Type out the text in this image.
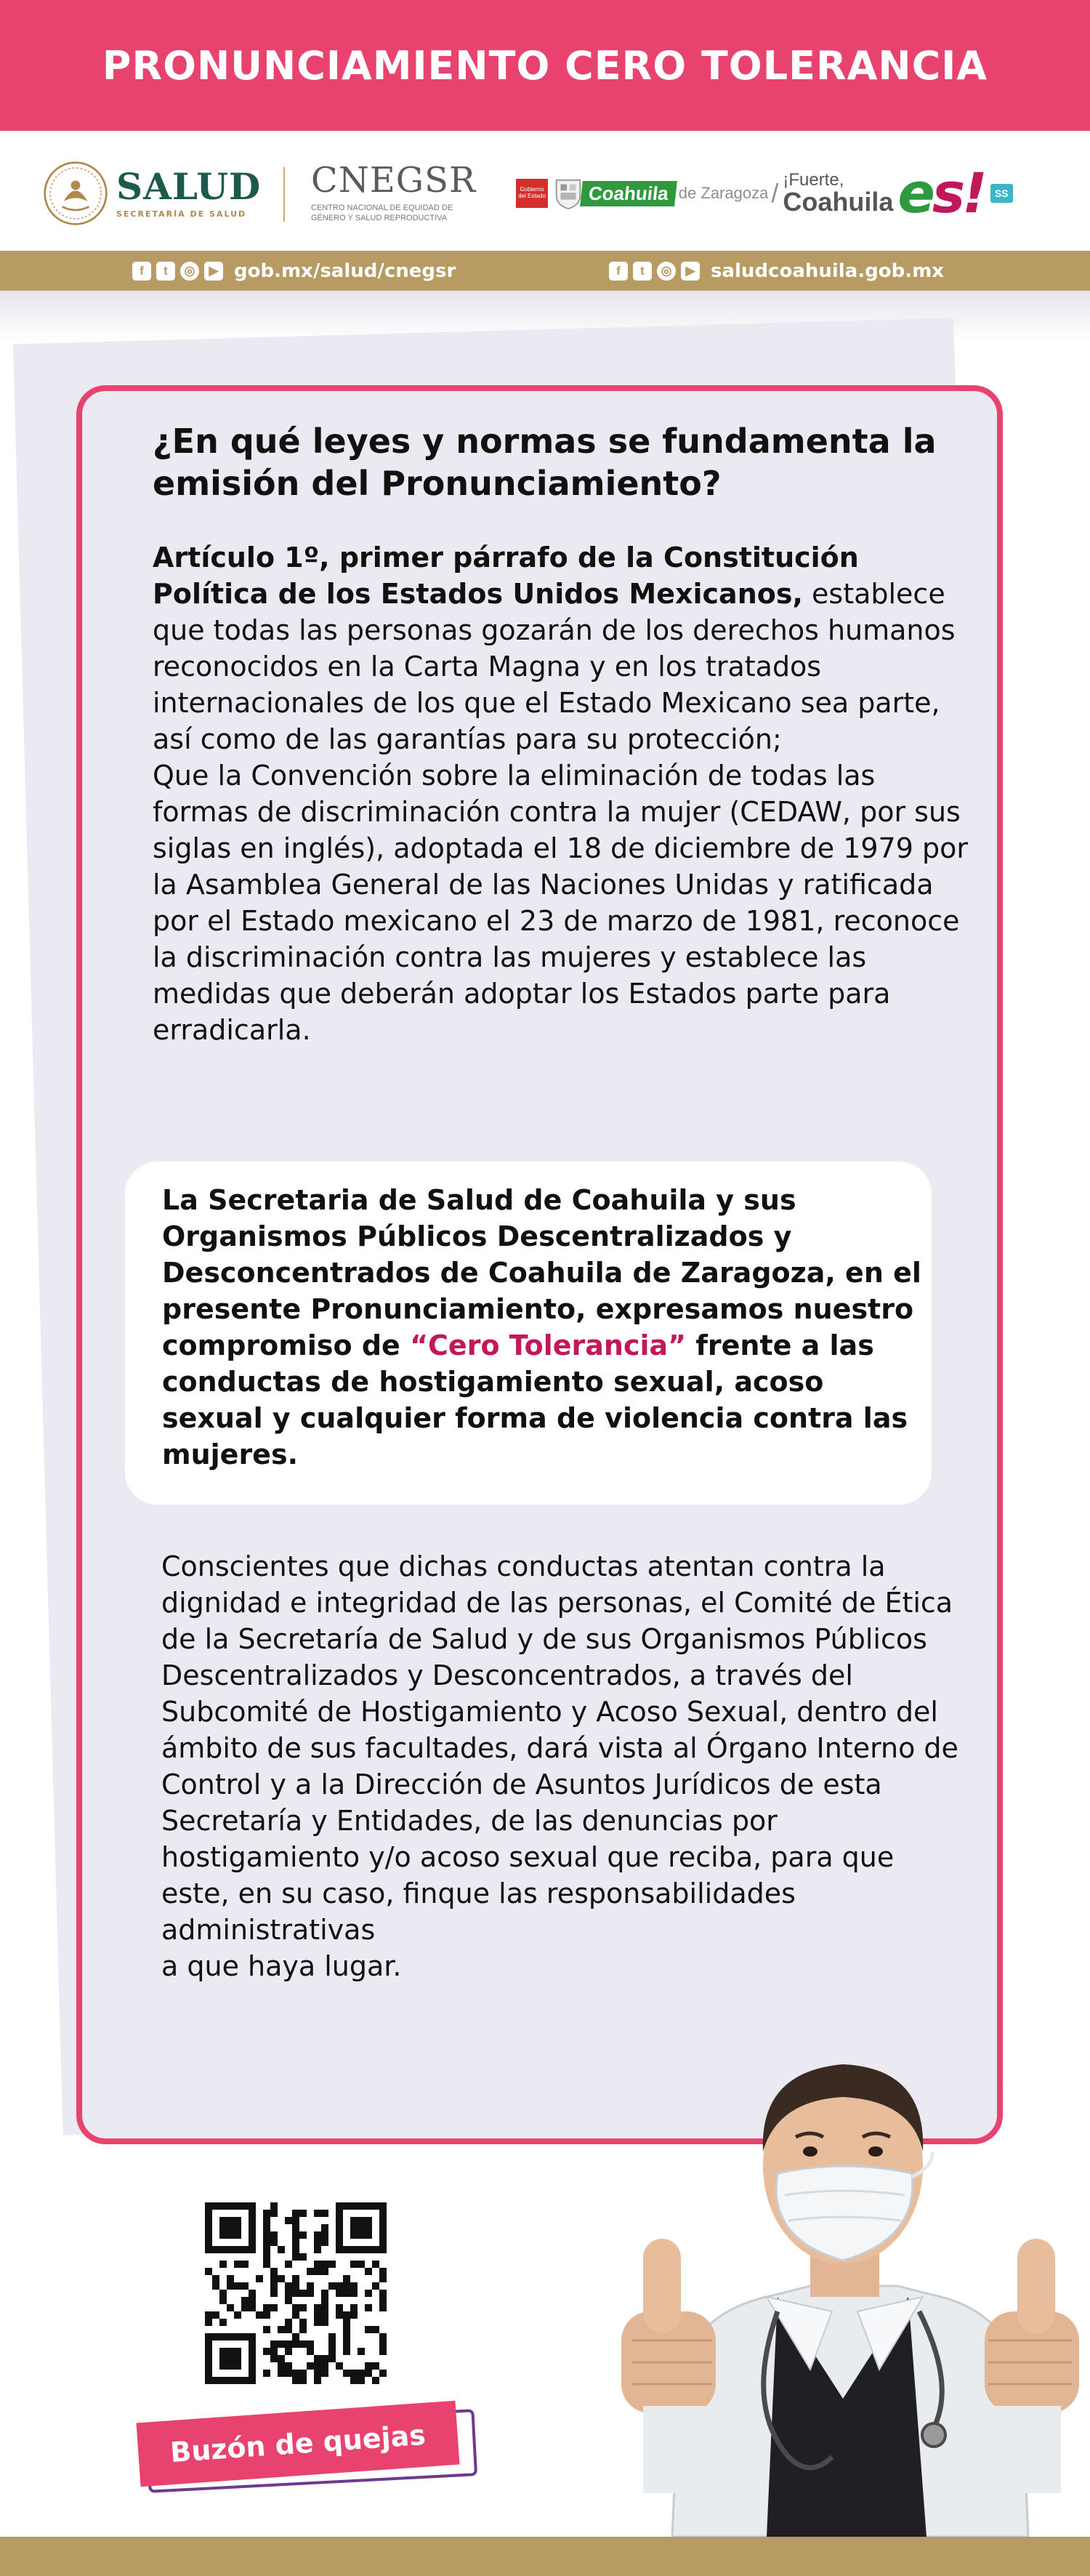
PRONUNCIAMIENTO CERO TOLERANCIA
SALUD
SECRETARÍA DE SALUD
CNEGSR
CENTRO NACIONAL DE EQUIDAD DE
GÉNERO Y SALUD REPRODUCTIVA
Gobierno
del Estado	Coahuila de Zaragoza / ¡Fuerte,
Coahuila es!	SS
f	t	◎	▶ gob.mx/salud/cnegsr	f	t	◎	▶ saludcoahuila.gob.mx
¿En qué leyes y normas se fundamenta la emisión del Pronunciamiento?
Artículo 1º, primer párrafo de la Constitución Política de los Estados Unidos Mexicanos, establece que todas las personas gozarán de los derechos humanos reconocidos en la Carta Magna y en los tratados internacionales de los que el Estado Mexicano sea parte, así como de las garantías para su protección;
Que la Convención sobre la eliminación de todas las formas de discriminación contra la mujer (CEDAW, por sus siglas en inglés), adoptada el 18 de diciembre de 1979 por la Asamblea General de las Naciones Unidas y ratificada por el Estado mexicano el 23 de marzo de 1981, reconoce la discriminación contra las mujeres y establece las medidas que deberán adoptar los Estados parte para erradicarla.
La Secretaria de Salud de Coahuila y sus Organismos Públicos Descentralizados y Desconcentrados de Coahuila de Zaragoza, en el presente Pronunciamiento, expresamos nuestro compromiso de “Cero Tolerancia” frente a las conductas de hostigamiento sexual, acoso sexual y cualquier forma de violencia contra las mujeres.
Conscientes que dichas conductas atentan contra la dignidad e integridad de las personas, el Comité de Ética de la Secretaría de Salud y de sus Organismos Públicos Descentralizados y Desconcentrados, a través del Subcomité de Hostigamiento y Acoso Sexual, dentro del ámbito de sus facultades, dará vista al Órgano Interno de Control y a la Dirección de Asuntos Jurídicos de esta Secretaría y Entidades, de las denuncias por hostigamiento y/o acoso sexual que reciba, para que este, en su caso, finque las responsabilidades administrativas
a que haya lugar.
Buzón de quejas
